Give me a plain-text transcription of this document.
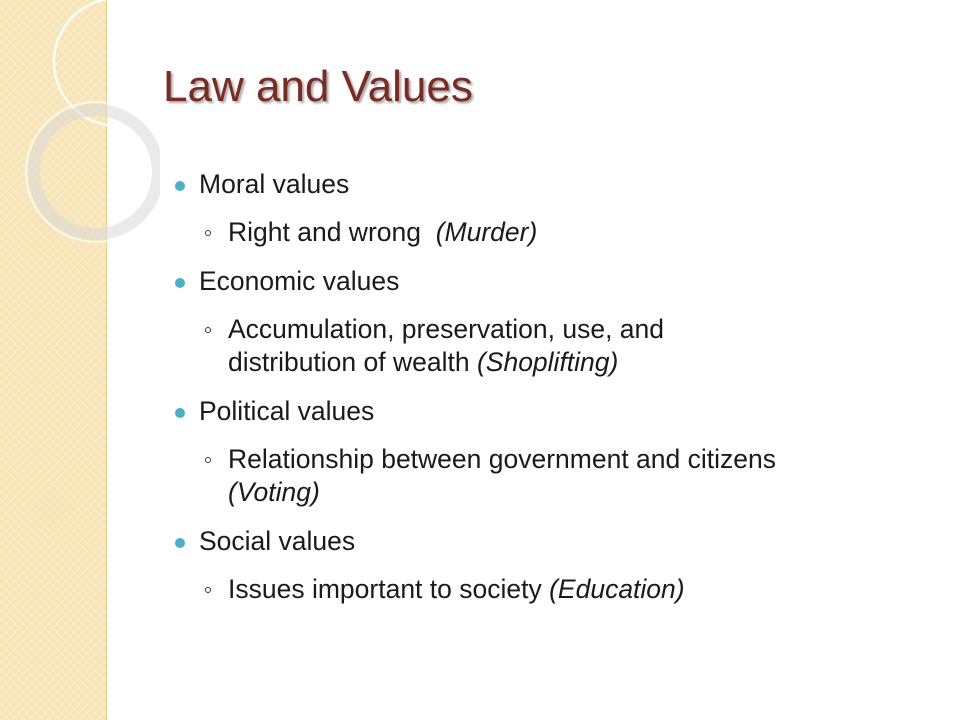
Law and Values
Moral values
Right and wrong  (Murder)
Economic values
Accumulation, preservation, use, and distribution of wealth (Shoplifting)
Political values
Relationship between government and citizens (Voting)
Social values
Issues important to society (Education)
